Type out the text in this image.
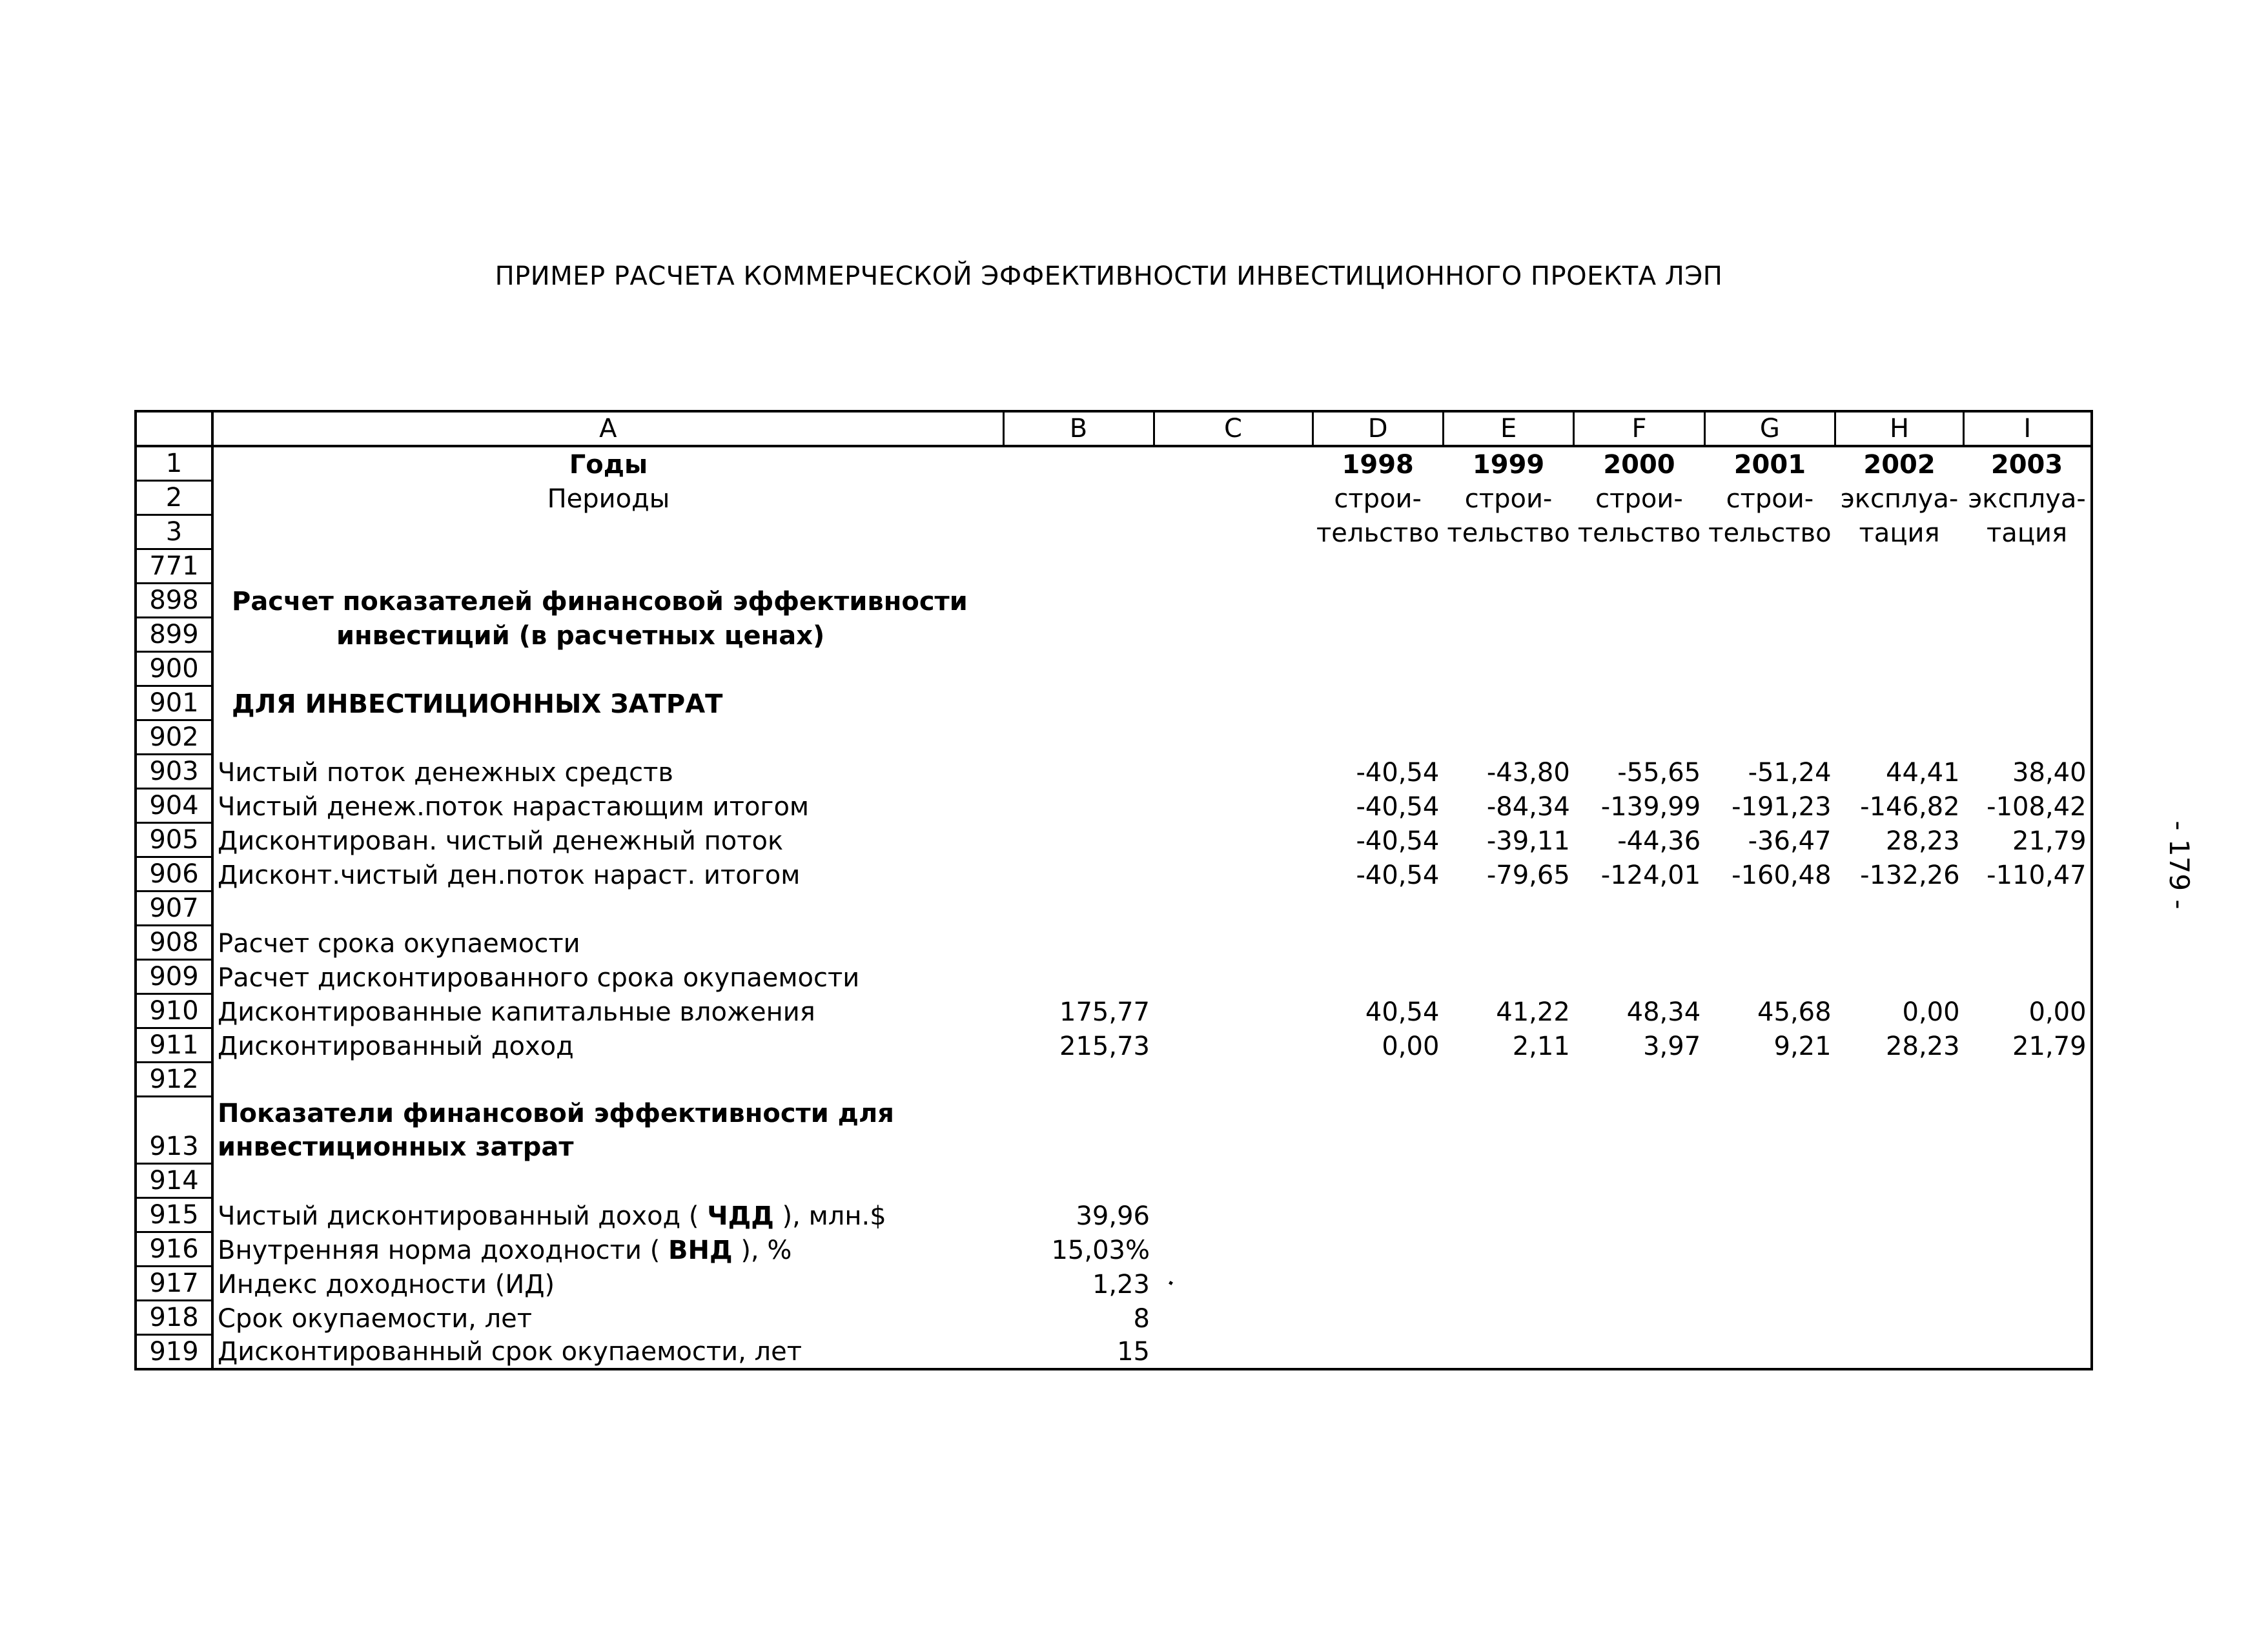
ПРИМЕР РАСЧЕТА КОММЕРЧЕСКОЙ ЭФФЕКТИВНОСТИ ИНВЕСТИЦИОННОГО ПРОЕКТА ЛЭП
- 179 -
	A	B	C	D	E	F	G	H	I
1	Годы			1998	1999	2000	2001	2002	2003
2	Периоды			строи-	строи-	строи-	строи-	эксплуа-	эксплуа-
3				тельство	тельство	тельство	тельство	тация	тация
771									
898	Расчет показателей финансовой эффективности								
899	инвестиций (в расчетных ценах)								
900									
901	ДЛЯ ИНВЕСТИЦИОННЫХ ЗАТРАТ								
902									
903	Чистый поток денежных средств			-40,54	-43,80	-55,65	-51,24	44,41	38,40
904	Чистый денеж.поток нарастающим итогом			-40,54	-84,34	-139,99	-191,23	-146,82	-108,42
905	Дисконтирован. чистый денежный поток			-40,54	-39,11	-44,36	-36,47	28,23	21,79
906	Дисконт.чистый ден.поток нараст. итогом			-40,54	-79,65	-124,01	-160,48	-132,26	-110,47
907									
908	Расчет срока окупаемости								
909	Расчет дисконтированного срока окупаемости								
910	Дисконтированные капитальные вложения	175,77		40,54	41,22	48,34	45,68	0,00	0,00
911	Дисконтированный доход	215,73		0,00	2,11	3,97	9,21	28,23	21,79
912									
913	Показатели финансовой эффективности для
инвестиционных затрат								

914									
915	Чистый дисконтированный доход ( ЧДД ), млн.$	39,96							
916	Внутренняя норма доходности ( ВНД ), %	15,03%							
917	Индекс доходности (ИД)	1,23							
918	Срок окупаемости, лет	8							
919	Дисконтированный срок окупаемости, лет	15							
